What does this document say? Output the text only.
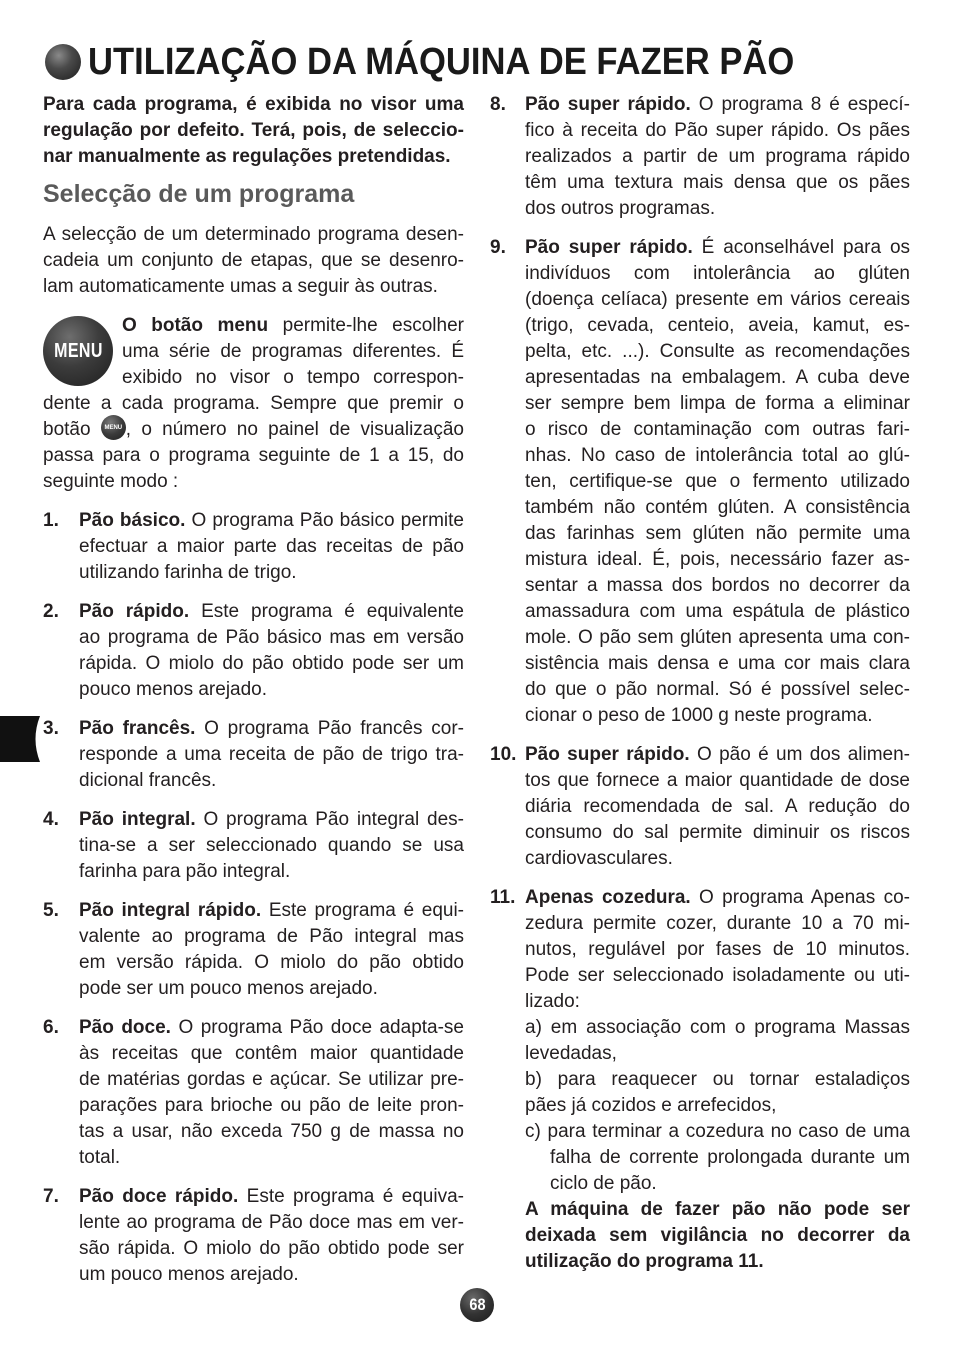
UTILIZAÇÃO DA MÁQUINA DE FAZER PÃO
Para cada programa, é exibida no visor uma
regulação por defeito. Terá, pois, de seleccio-
nar manualmente as regulações pretendidas.
Selecção de um programa
A selecção de um determinado programa desen-
cadeia um conjunto de etapas, que se desenro-
lam automaticamente umas a seguir às outras.
MENU
O botão menu permite-lhe escolher
uma série de programas diferentes. É
exibido no visor o tempo correspon-
dente a cada programa. Sempre que premir o
botão MENU , o número no painel de visualização
passa para o programa seguinte de 1 a 15, do
seguinte modo :
1. Pão básico. O programa Pão básico permite
efectuar a maior parte das receitas de pão
utilizando farinha de trigo.
2. Pão rápido. Este programa é equivalente
ao programa de Pão básico mas em versão
rápida. O miolo do pão obtido pode ser um
pouco menos arejado.
3. Pão francês. O programa Pão francês cor-
responde a uma receita de pão de trigo tra-
dicional francês.
4. Pão integral. O programa Pão integral des-
tina-se a ser seleccionado quando se usa
farinha para pão integral.
5. Pão integral rápido. Este programa é equi-
valente ao programa de Pão integral mas
em versão rápida. O miolo do pão obtido
pode ser um pouco menos arejado.
6. Pão doce. O programa Pão doce adapta-se
às receitas que contêm maior quantidade
de matérias gordas e açúcar. Se utilizar pre-
parações para brioche ou pão de leite pron-
tas a usar, não exceda 750 g de massa no
total.
7. Pão doce rápido. Este programa é equiva-
lente ao programa de Pão doce mas em ver-
são rápida. O miolo do pão obtido pode ser
um pouco menos arejado.
8. Pão super rápido. O programa 8 é especí-
fico à receita do Pão super rápido. Os pães
realizados a partir de um programa rápido
têm uma textura mais densa que os pães
dos outros programas.
9. Pão super rápido. É aconselhável para os
indivíduos com intolerância ao glúten
(doença celíaca) presente em vários cereais
(trigo, cevada, centeio, aveia, kamut, es-
pelta, etc. ...). Consulte as recomendações
apresentadas na embalagem. A cuba deve
ser sempre bem limpa de forma a eliminar
o risco de contaminação com outras fari-
nhas. No caso de intolerância total ao glú-
ten, certifique-se que o fermento utilizado
também não contém glúten. A consistência
das farinhas sem glúten não permite uma
mistura ideal. É, pois, necessário fazer as-
sentar a massa dos bordos no decorrer da
amassadura com uma espátula de plástico
mole. O pão sem glúten apresenta uma con-
sistência mais densa e uma cor mais clara
do que o pão normal. Só é possível selec-
cionar o peso de 1000 g neste programa.
10. Pão super rápido. O pão é um dos alimen-
tos que fornece a maior quantidade de dose
diária recomendada de sal. A redução do
consumo do sal permite diminuir os riscos
cardiovasculares.
11. Apenas cozedura. O programa Apenas co-
zedura permite cozer, durante 10 a 70 mi-
nutos, regulável por fases de 10 minutos.
Pode ser seleccionado isoladamente ou uti-
lizado:
a) em associação com o programa Massas
levedadas,
b) para reaquecer ou tornar estaladiços
pães já cozidos e arrefecidos,
c) para terminar a cozedura no caso de uma
falha de corrente prolongada durante um
ciclo de pão.
A máquina de fazer pão não pode ser
deixada sem vigilância no decorrer da
utilização do programa 11.
68
